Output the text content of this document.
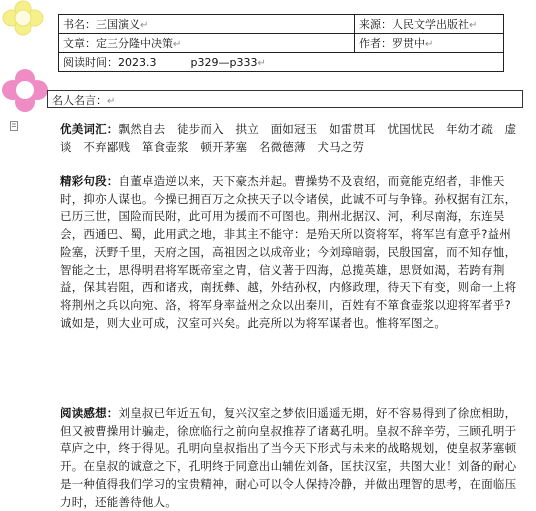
书名：三国演义↵	来源：人民文学出版社↵
文章：定三分隆中决策↵	作者：罗贯中↵
阅读时间：2023.3 p329—p333↵	
名人名言：↵
优美词汇：飘然自去　徒步而入　拱立　面如冠玉　如雷贯耳　忧国忧民　年幼才疏　虚谈　不弃鄙贱　箪食壶浆　顿开茅塞　名微德薄　犬马之劳
精彩句段：自董卓造逆以来，天下豪杰并起。曹操势不及袁绍，而竟能克绍者，非惟天时，抑亦人谋也。今操已拥百万之众挟天子以令诸侯，此诚不可与争锋。孙权据有江东，已历三世，国险而民附，此可用为援而不可图也。荆州北据汉、河，利尽南海，东连吴会，西通巴、蜀，此用武之地，非其主不能守：是殆天所以资将军，将军岂有意乎?益州险塞，沃野千里，天府之国，高祖因之以成帝业；今刘璋暗弱，民殷国富，而不知存恤，智能之士，思得明君将军既帝室之胄，信义著于四海，总揽英雄，思贤如渴，若跨有荆益，保其岩阻，西和诸戎，南抚彝、越，外结孙权，内修政理，待天下有变，则命一上将将荆州之兵以向宛、洛，将军身率益州之众以出秦川，百姓有不箪食壶浆以迎将军者乎?诚如是，则大业可成，汉室可兴矣。此亮所以为将军谋者也。惟将军图之。
阅读感想：刘皇叔已年近五旬，复兴汉室之梦依旧遥遥无期，好不容易得到了徐庶相助，但又被曹操用计骗走，徐庶临行之前向皇叔推荐了诸葛孔明。皇叔不辞辛劳，三顾孔明于草庐之中，终于得见。孔明向皇叔指出了当今天下形式与未来的战略规划，使皇叔茅塞顿开。在皇叔的诚意之下，孔明终于同意出山辅佐刘备，匡扶汉室，共图大业！刘备的耐心是一种值得我们学习的宝贵精神，耐心可以令人保持冷静，并做出理智的思考，在面临压力时，还能善待他人。
